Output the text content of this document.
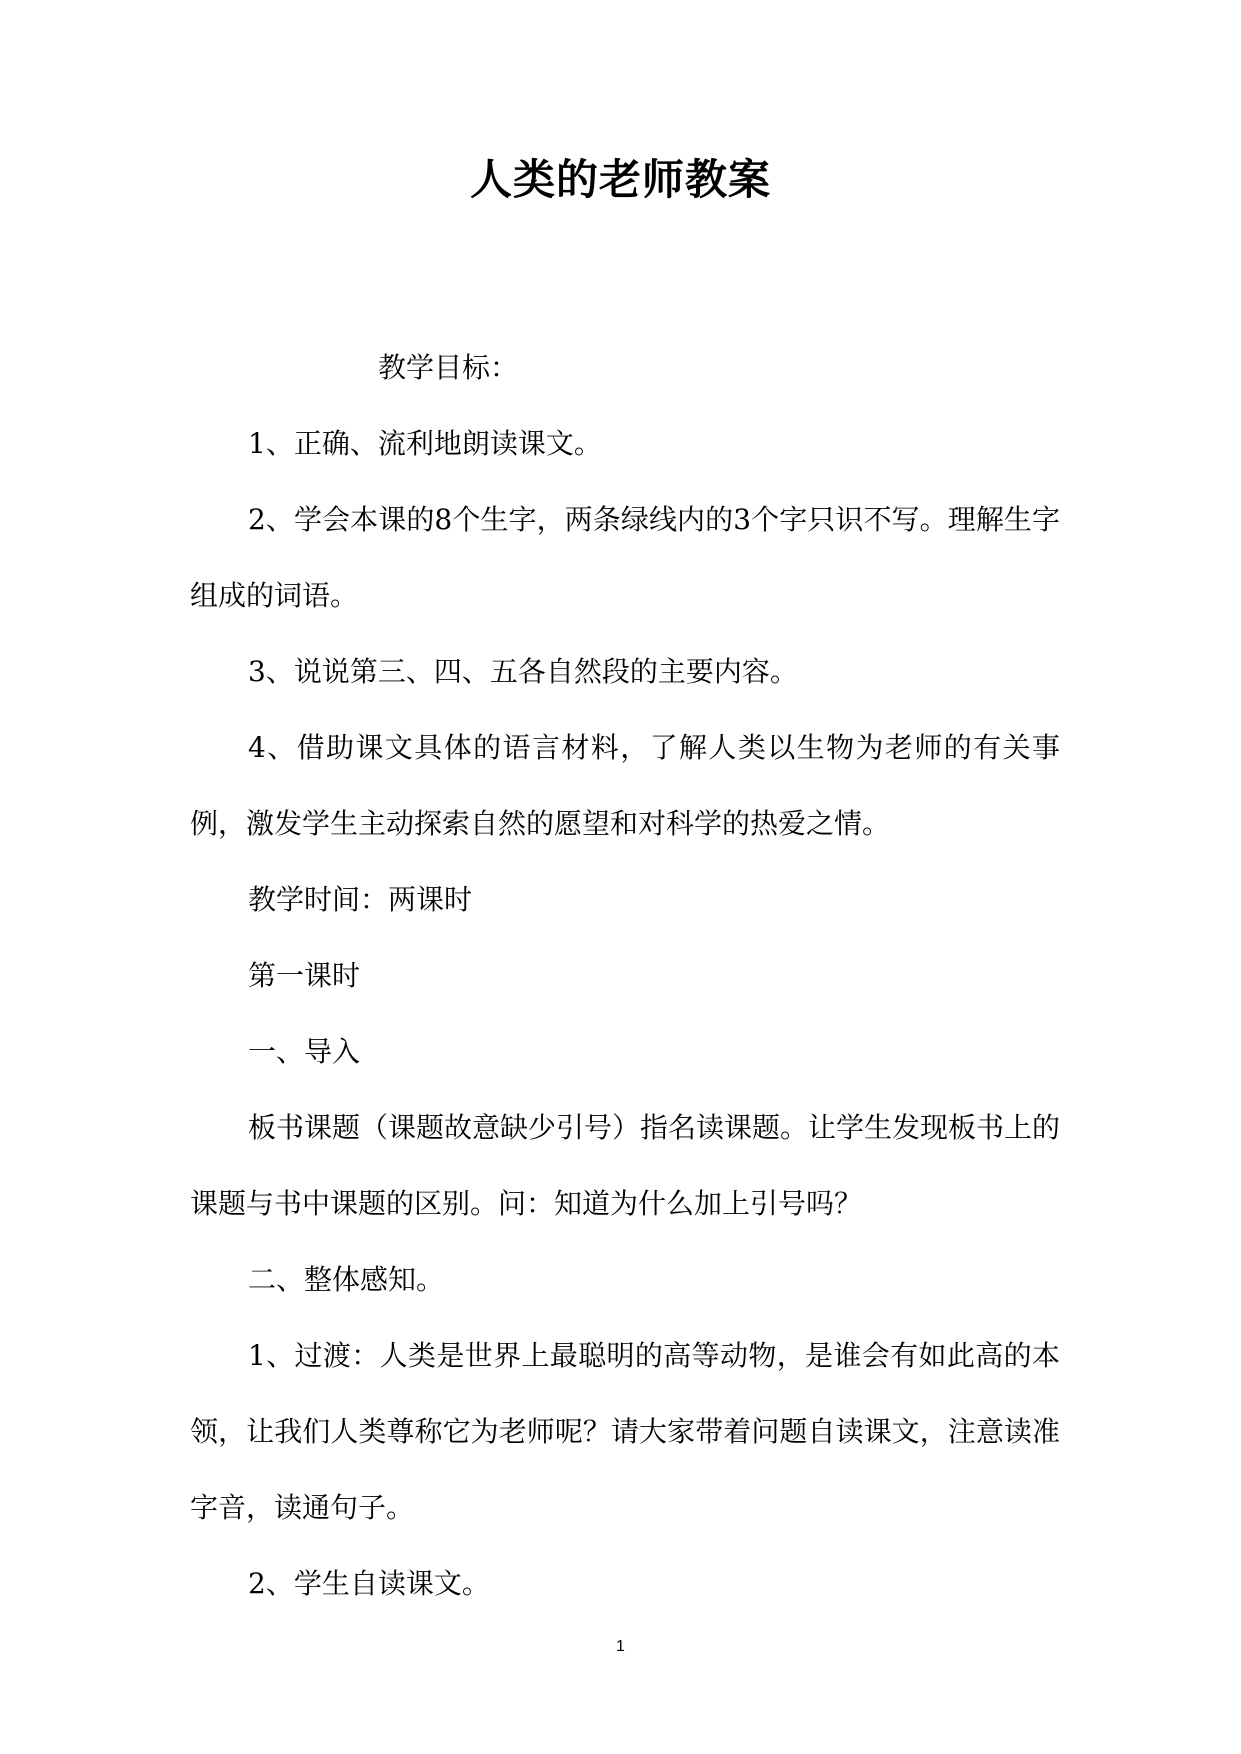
人类的老师教案

教学目标：

1、正确、流利地朗读课文。

2、学会本课的8个生字，两条绿线内的3个字只识不写。理解生字组成的词语。

3、说说第三、四、五各自然段的主要内容。

4、借助课文具体的语言材料，了解人类以生物为老师的有关事例，激发学生主动探索自然的愿望和对科学的热爱之情。

教学时间：两课时

第一课时

一、导入

板书课题（课题故意缺少引号）指名读课题。让学生发现板书上的课题与书中课题的区别。问：知道为什么加上引号吗？

二、整体感知。

1、过渡：人类是世界上最聪明的高等动物，是谁会有如此高的本领，让我们人类尊称它为老师呢？请大家带着问题自读课文，注意读准字音，读通句子。

2、学生自读课文。

1
